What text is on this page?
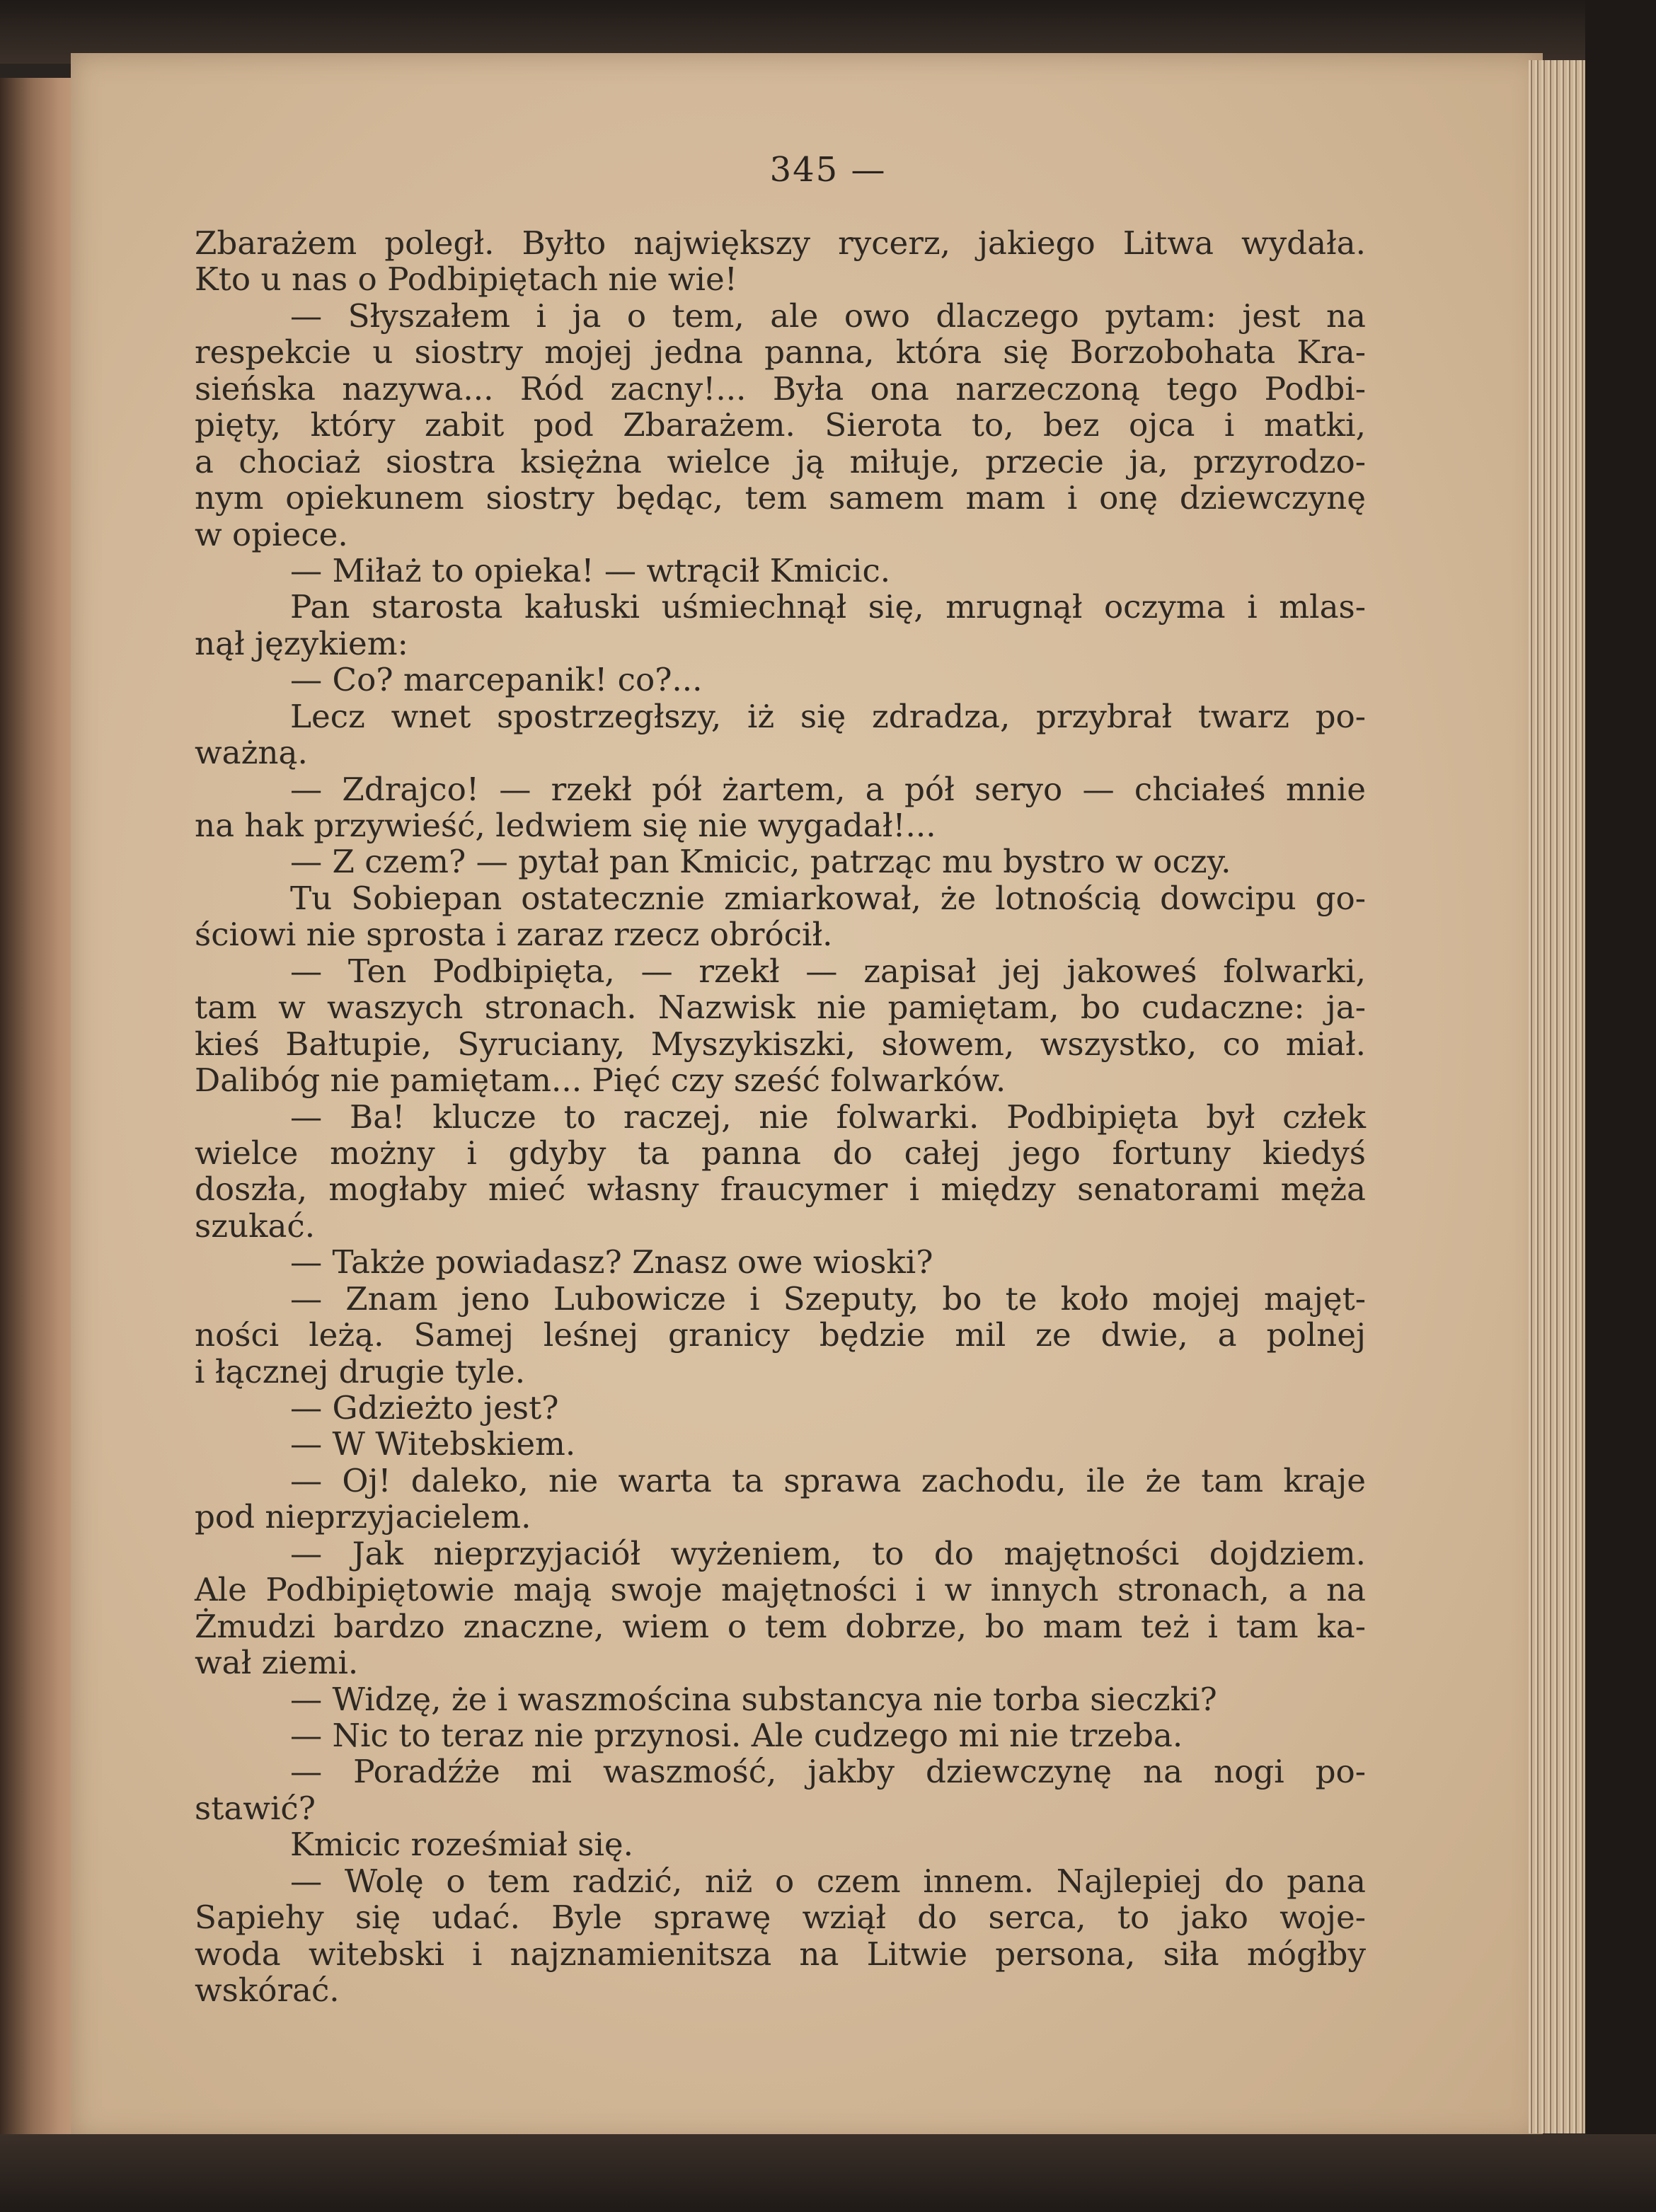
345 —
Zbarażem poległ. Byłto największy rycerz, jakiego Litwa wydała.
Kto u nas o Podbipiętach nie wie!
— Słyszałem i ja o tem, ale owo dlaczego pytam: jest na
respekcie u siostry mojej jedna panna, która się Borzobohata Kra-
sieńska nazywa... Ród zacny!... Była ona narzeczoną tego Podbi-
pięty, który zabit pod Zbarażem. Sierota to, bez ojca i matki,
a chociaż siostra księżna wielce ją miłuje, przecie ja, przyrodzo-
nym opiekunem siostry będąc, tem samem mam i onę dziewczynę
w opiece.
— Miłaż to opieka! — wtrącił Kmicic.
Pan starosta kałuski uśmiechnął się, mrugnął oczyma i mlas-
nął językiem:
— Co? marcepanik! co?...
Lecz wnet spostrzegłszy, iż się zdradza, przybrał twarz po-
ważną.
— Zdrajco! — rzekł pół żartem, a pół seryo — chciałeś mnie
na hak przywieść, ledwiem się nie wygadał!...
— Z czem? — pytał pan Kmicic, patrząc mu bystro w oczy.
Tu Sobiepan ostatecznie zmiarkował, że lotnością dowcipu go-
ściowi nie sprosta i zaraz rzecz obrócił.
— Ten Podbipięta, — rzekł — zapisał jej jakoweś folwarki,
tam w waszych stronach. Nazwisk nie pamiętam, bo cudaczne: ja-
kieś Bałtupie, Syruciany, Myszykiszki, słowem, wszystko, co miał.
Dalibóg nie pamiętam... Pięć czy sześć folwarków.
— Ba! klucze to raczej, nie folwarki. Podbipięta był człek
wielce możny i gdyby ta panna do całej jego fortuny kiedyś
doszła, mogłaby mieć własny fraucymer i między senatorami męża
szukać.
— Także powiadasz? Znasz owe wioski?
— Znam jeno Lubowicze i Szeputy, bo te koło mojej majęt-
ności leżą. Samej leśnej granicy będzie mil ze dwie, a polnej
i łącznej drugie tyle.
— Gdzieżto jest?
— W Witebskiem.
— Oj! daleko, nie warta ta sprawa zachodu, ile że tam kraje
pod nieprzyjacielem.
— Jak nieprzyjaciół wyżeniem, to do majętności dojdziem.
Ale Podbipiętowie mają swoje majętności i w innych stronach, a na
Żmudzi bardzo znaczne, wiem o tem dobrze, bo mam też i tam ka-
wał ziemi.
— Widzę, że i waszmościna substancya nie torba sieczki?
— Nic to teraz nie przynosi. Ale cudzego mi nie trzeba.
— Poradźże mi waszmość, jakby dziewczynę na nogi po-
stawić?
Kmicic roześmiał się.
— Wolę o tem radzić, niż o czem innem. Najlepiej do pana
Sapiehy się udać. Byle sprawę wziął do serca, to jako woje-
woda witebski i najznamienitsza na Litwie persona, siła mógłby
wskórać.
